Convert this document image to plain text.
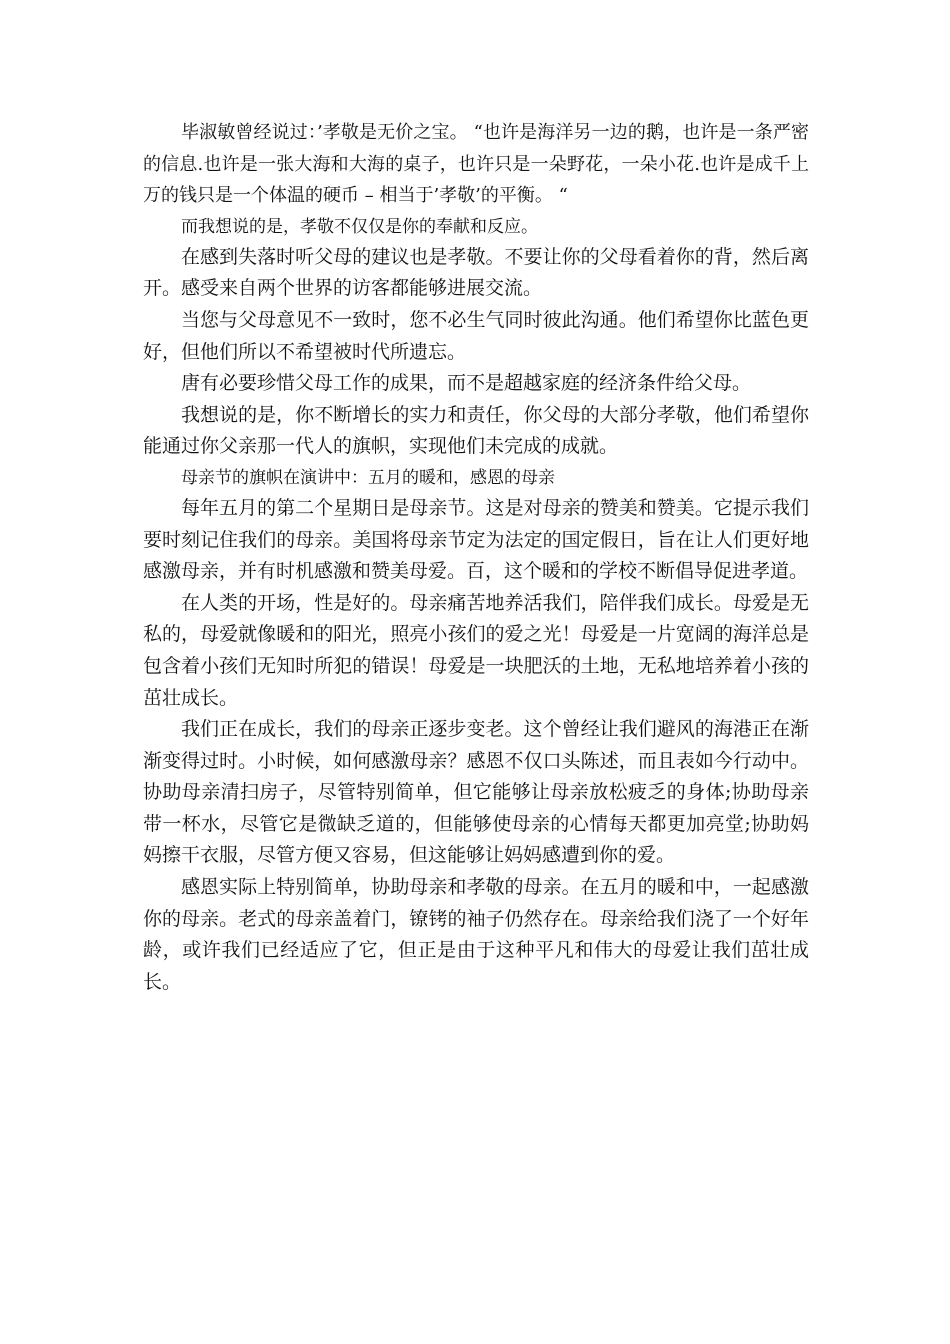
毕淑敏曾经说过：’孝敬是无价之宝。 “也许是海洋另一边的鹅，也许是一条严密的信息.也许是一张大海和大海的桌子，也许只是一朵野花，一朵小花.也许是成千上万的钱只是一个体温的硬币 – 相当于’孝敬’的平衡。 “

而我想说的是，孝敬不仅仅是你的奉献和反应。

在感到失落时听父母的建议也是孝敬。不要让你的父母看着你的背，然后离开。感受来自两个世界的访客都能够进展交流。

当您与父母意见不一致时，您不必生气同时彼此沟通。他们希望你比蓝色更好，但他们所以不希望被时代所遗忘。

唐有必要珍惜父母工作的成果，而不是超越家庭的经济条件给父母。

我想说的是，你不断增长的实力和责任，你父母的大部分孝敬，他们希望你能通过你父亲那一代人的旗帜，实现他们未完成的成就。

母亲节的旗帜在演讲中：五月的暖和，感恩的母亲

每年五月的第二个星期日是母亲节。这是对母亲的赞美和赞美。它提示我们要时刻记住我们的母亲。美国将母亲节定为法定的国定假日，旨在让人们更好地感激母亲，并有时机感激和赞美母爱。百，这个暖和的学校不断倡导促进孝道。

在人类的开场，性是好的。母亲痛苦地养活我们，陪伴我们成长。母爱是无私的，母爱就像暖和的阳光，照亮小孩们的爱之光！母爱是一片宽阔的海洋总是包含着小孩们无知时所犯的错误！母爱是一块肥沃的土地，无私地培养着小孩的茁壮成长。

我们正在成长，我们的母亲正逐步变老。这个曾经让我们避风的海港正在渐渐变得过时。小时候，如何感激母亲？感恩不仅口头陈述，而且表如今行动中。协助母亲清扫房子，尽管特别简单，但它能够让母亲放松疲乏的身体;协助母亲带一杯水，尽管它是微缺乏道的，但能够使母亲的心情每天都更加亮堂;协助妈妈擦干衣服，尽管方便又容易，但这能够让妈妈感遭到你的爱。

感恩实际上特别简单，协助母亲和孝敬的母亲。在五月的暖和中，一起感激你的母亲。老式的母亲盖着门，镣铐的袖子仍然存在。母亲给我们浇了一个好年龄，或许我们已经适应了它，但正是由于这种平凡和伟大的母爱让我们茁壮成长。
